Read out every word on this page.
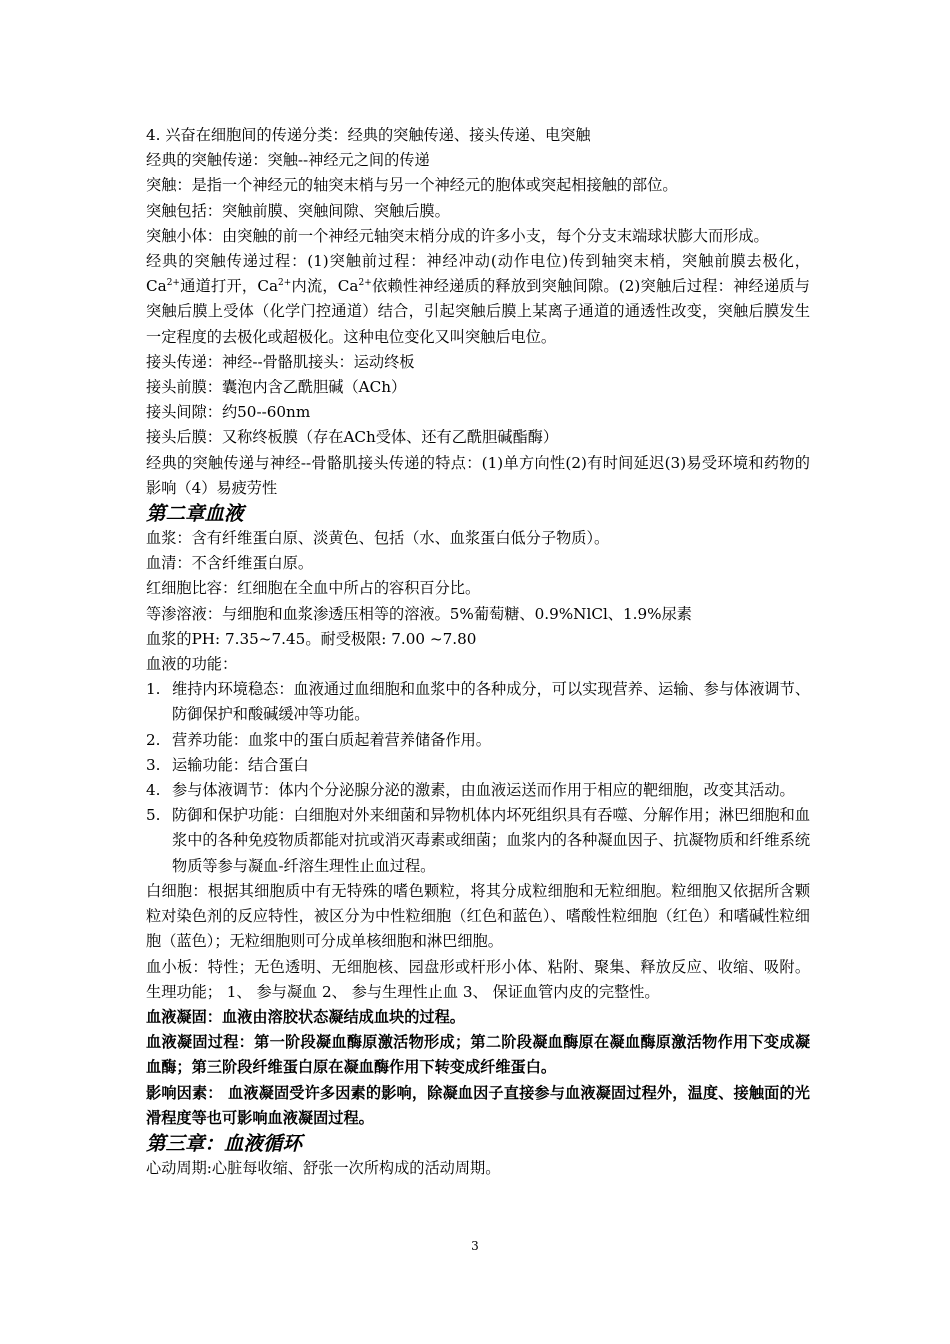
4. 兴奋在细胞间的传递分类：经典的突触传递、接头传递、电突触

经典的突触传递：突触--神经元之间的传递

突触：是指一个神经元的轴突末梢与另一个神经元的胞体或突起相接触的部位。

突触包括：突触前膜、突触间隙、突触后膜。

突触小体：由突触的前一个神经元轴突末梢分成的许多小支，每个分支末端球状膨大而形成。

经典的突触传递过程：(1)突触前过程：神经冲动(动作电位)传到轴突末梢，突触前膜去极化，$Ca^{2+}$通道打开，$Ca^{2+}$内流，$Ca^{2+}$依赖性神经递质的释放到突触间隙。(2)突触后过程：神经递质与突触后膜上受体（化学门控通道）结合，引起突触后膜上某离子通道的通透性改变，突触后膜发生一定程度的去极化或超极化。这种电位变化又叫突触后电位。

接头传递：神经--骨骼肌接头：运动终板

接头前膜：囊泡内含乙酰胆碱（ACh）

接头间隙：约50--60nm

接头后膜：又称终板膜（存在ACh受体、还有乙酰胆碱酯酶）

经典的突触传递与神经--骨骼肌接头传递的特点：(1)单方向性(2)有时间延迟(3)易受环境和药物的影响（4）易疲劳性

第二章血液

血浆：含有纤维蛋白原、淡黄色、包括（水、血浆蛋白低分子物质）。

血清：不含纤维蛋白原。

红细胞比容：红细胞在全血中所占的容积百分比。

等渗溶液：与细胞和血浆渗透压相等的溶液。5%葡萄糖、0.9%NlCl、1.9%尿素

血浆的PH: 7.35~7.45。耐受极限: 7.00 ~7.80

血液的功能：

1. 维持内环境稳态：血液通过血细胞和血浆中的各种成分，可以实现营养、运输、参与体液调节、防御保护和酸碱缓冲等功能。
2. 营养功能：血浆中的蛋白质起着营养储备作用。
3. 运输功能：结合蛋白
4. 参与体液调节：体内个分泌腺分泌的激素，由血液运送而作用于相应的靶细胞，改变其活动。
5. 防御和保护功能：白细胞对外来细菌和异物机体内坏死组织具有吞噬、分解作用；淋巴细胞和血浆中的各种免疫物质都能对抗或消灭毒素或细菌；血浆内的各种凝血因子、抗凝物质和纤维系统物质等参与凝血-纤溶生理性止血过程。

白细胞：根据其细胞质中有无特殊的嗜色颗粒，将其分成粒细胞和无粒细胞。粒细胞又依据所含颗粒对染色剂的反应特性，被区分为中性粒细胞（红色和蓝色）、嗜酸性粒细胞（红色）和嗜碱性粒细胞（蓝色）；无粒细胞则可分成单核细胞和淋巴细胞。

血小板：特性；无色透明、无细胞核、园盘形或杆形小体、粘附、聚集、释放反应、收缩、吸附。生理功能； 1、 参与凝血 2、 参与生理性止血 3、 保证血管内皮的完整性。

血液凝固：血液由溶胶状态凝结成血块的过程。

血液凝固过程：第一阶段凝血酶原激活物形成；第二阶段凝血酶原在凝血酶原激活物作用下变成凝血酶；第三阶段纤维蛋白原在凝血酶作用下转变成纤维蛋白。

影响因素： 血液凝固受许多因素的影响，除凝血因子直接参与血液凝固过程外，温度、接触面的光滑程度等也可影响血液凝固过程。

第三章：血液循环

心动周期:心脏每收缩、舒张一次所构成的活动周期。

3
